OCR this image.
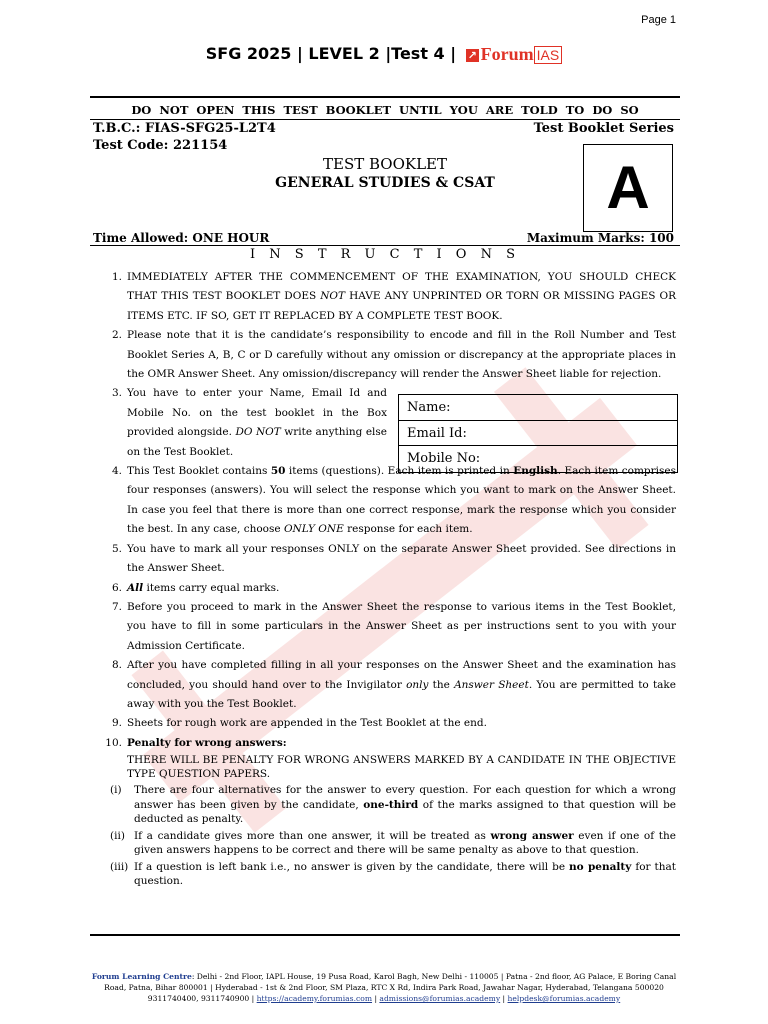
Page 1
SFG 2025 | LEVEL 2 |Test 4 | ↗ Forum IAS
DO NOT OPEN THIS TEST BOOKLET UNTIL YOU ARE TOLD TO DO SO
T.B.C.: FIAS-SFG25-L2T4	Test Booklet Series
Test Code: 221154
TEST BOOKLET
GENERAL STUDIES & CSAT	A
Time Allowed: ONE HOUR	Maximum Marks: 100
I N S T R U C T I O N S
Name:
Email Id:
Mobile No:
1. IMMEDIATELY AFTER THE COMMENCEMENT OF THE EXAMINATION, YOU SHOULD CHECK THAT THIS TEST BOOKLET DOES NOT HAVE ANY UNPRINTED OR TORN OR MISSING PAGES OR ITEMS ETC. IF SO, GET IT REPLACED BY A COMPLETE TEST BOOK.
2. Please note that it is the candidate’s responsibility to encode and fill in the Roll Number and Test Booklet Series A, B, C or D carefully without any omission or discrepancy at the appropriate places in the OMR Answer Sheet. Any omission/discrepancy will render the Answer Sheet liable for rejection.
3. You have to enter your Name, Email Id and Mobile No. on the test booklet in the Box provided alongside. DO NOT write anything else on the Test Booklet.
4. This Test Booklet contains 50 items (questions). Each item is printed in English. Each item comprises four responses (answers). You will select the response which you want to mark on the Answer Sheet. In case you feel that there is more than one correct response, mark the response which you consider the best. In any case, choose ONLY ONE response for each item.
5. You have to mark all your responses ONLY on the separate Answer Sheet provided. See directions in the Answer Sheet.
6. All items carry equal marks.
7. Before you proceed to mark in the Answer Sheet the response to various items in the Test Booklet, you have to fill in some particulars in the Answer Sheet as per instructions sent to you with your Admission Certificate.
8. After you have completed filling in all your responses on the Answer Sheet and the examination has concluded, you should hand over to the Invigilator only the Answer Sheet. You are permitted to take away with you the Test Booklet.
9. Sheets for rough work are appended in the Test Booklet at the end.
10. Penalty for wrong answers:
THERE WILL BE PENALTY FOR WRONG ANSWERS MARKED BY A CANDIDATE IN THE OBJECTIVE TYPE QUESTION PAPERS.
(i) There are four alternatives for the answer to every question. For each question for which a wrong answer has been given by the candidate, one-third of the marks assigned to that question will be deducted as penalty.
(ii) If a candidate gives more than one answer, it will be treated as wrong answer even if one of the given answers happens to be correct and there will be same penalty as above to that question.
(iii) If a question is left bank i.e., no answer is given by the candidate, there will be no penalty for that question.
Forum Learning Centre: Delhi - 2nd Floor, IAPL House, 19 Pusa Road, Karol Bagh, New Delhi - 110005 | Patna - 2nd floor, AG Palace, E Boring Canal Road, Patna, Bihar 800001 | Hyderabad - 1st & 2nd Floor, SM Plaza, RTC X Rd, Indira Park Road, Jawahar Nagar, Hyderabad, Telangana 500020
9311740400, 9311740900 | https://academy.forumias.com | admissions@forumias.academy | helpdesk@forumias.academy
